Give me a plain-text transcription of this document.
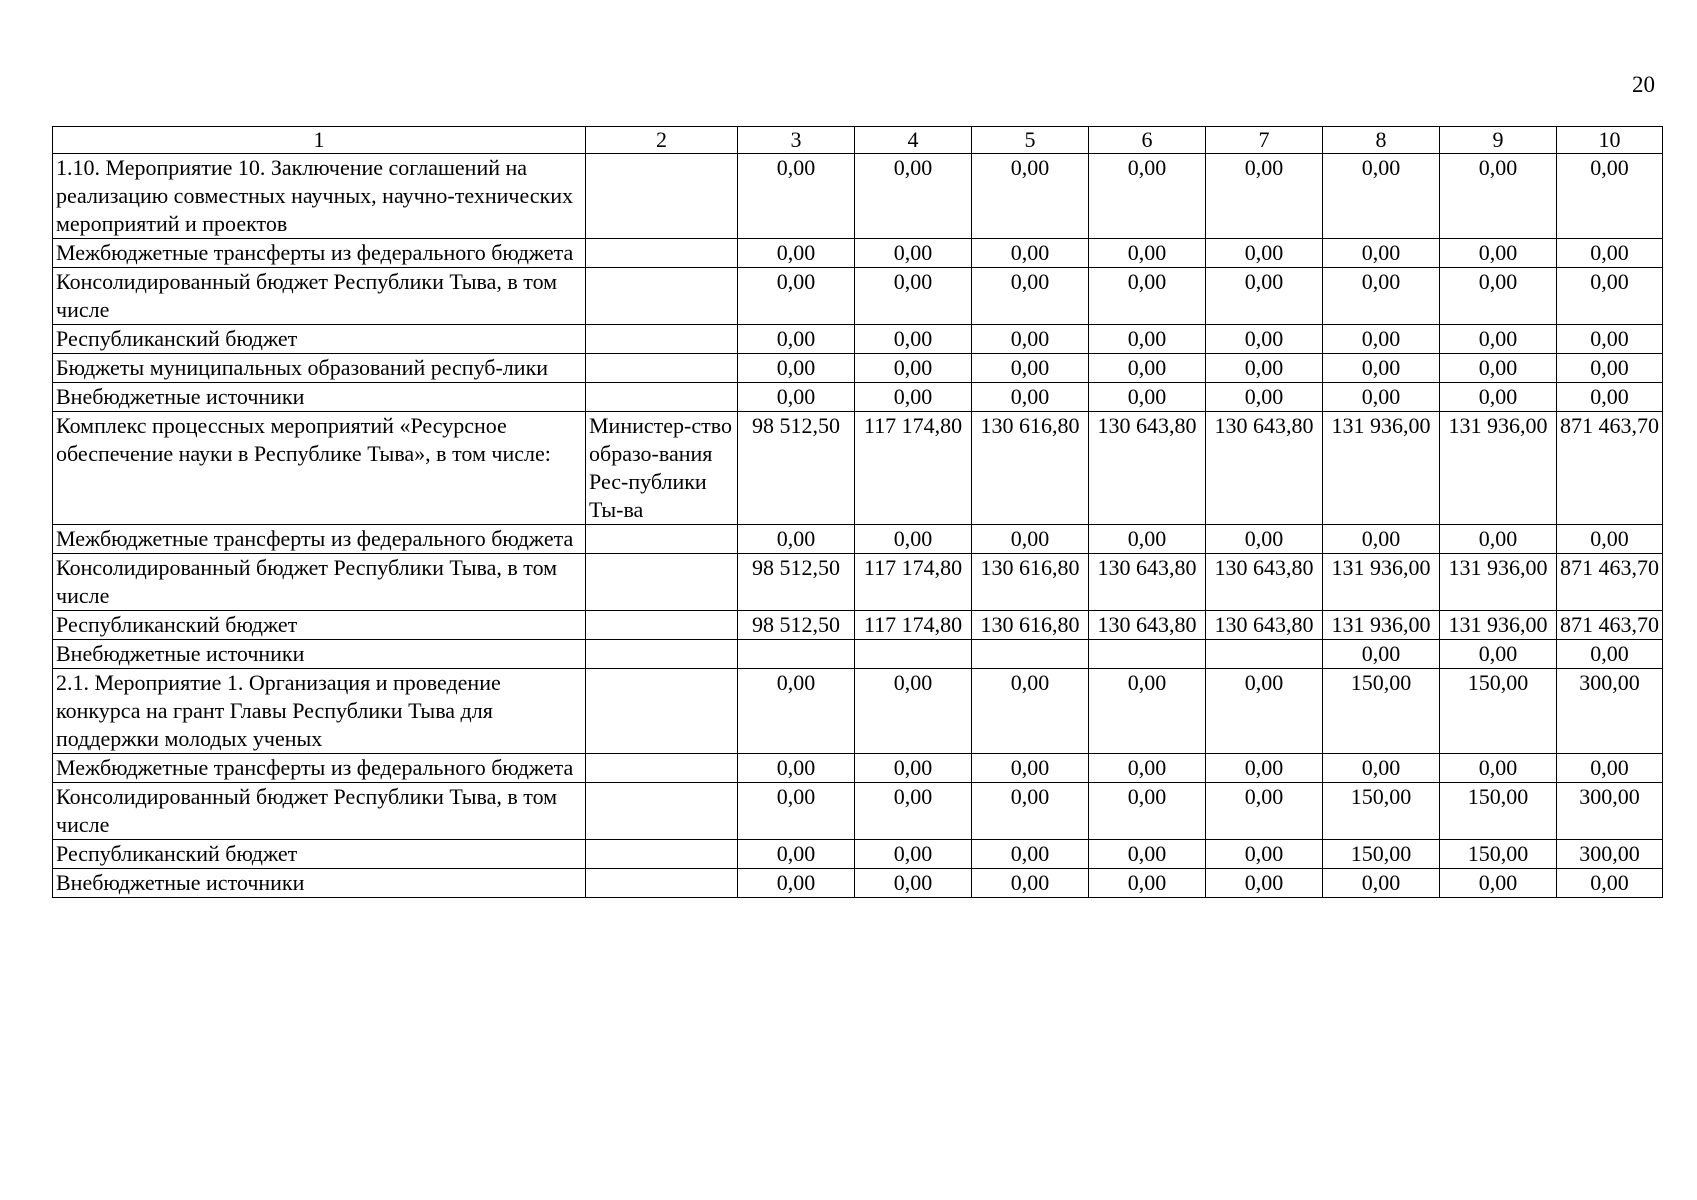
20
1	2	3	4	5	6	7	8	9	10
1.10. Мероприятие 10. Заключение соглашений на реализацию совместных научных, научно-технических мероприятий и проектов		0,00	0,00	0,00	0,00	0,00	0,00	0,00	0,00
Межбюджетные трансферты из федерального бюджета		0,00	0,00	0,00	0,00	0,00	0,00	0,00	0,00
Консолидированный бюджет Республики Тыва, в том числе		0,00	0,00	0,00	0,00	0,00	0,00	0,00	0,00
Республиканский бюджет		0,00	0,00	0,00	0,00	0,00	0,00	0,00	0,00
Бюджеты муниципальных образований респуб-лики		0,00	0,00	0,00	0,00	0,00	0,00	0,00	0,00
Внебюджетные источники		0,00	0,00	0,00	0,00	0,00	0,00	0,00	0,00
Комплекс процессных мероприятий «Ресурсное обеспечение науки в Республике Тыва», в том числе:	Министер-ство образо-вания Рес-публики Ты-ва	98 512,50	117 174,80	130 616,80	130 643,80	130 643,80	131 936,00	131 936,00	871 463,70
Межбюджетные трансферты из федерального бюджета		0,00	0,00	0,00	0,00	0,00	0,00	0,00	0,00
Консолидированный бюджет Республики Тыва, в том числе		98 512,50	117 174,80	130 616,80	130 643,80	130 643,80	131 936,00	131 936,00	871 463,70
Республиканский бюджет		98 512,50	117 174,80	130 616,80	130 643,80	130 643,80	131 936,00	131 936,00	871 463,70
Внебюджетные источники							0,00	0,00	0,00
2.1. Мероприятие 1. Организация и проведение конкурса на грант Главы Республики Тыва для поддержки молодых ученых		0,00	0,00	0,00	0,00	0,00	150,00	150,00	300,00
Межбюджетные трансферты из федерального бюджета		0,00	0,00	0,00	0,00	0,00	0,00	0,00	0,00
Консолидированный бюджет Республики Тыва, в том числе		0,00	0,00	0,00	0,00	0,00	150,00	150,00	300,00
Республиканский бюджет		0,00	0,00	0,00	0,00	0,00	150,00	150,00	300,00
Внебюджетные источники		0,00	0,00	0,00	0,00	0,00	0,00	0,00	0,00
